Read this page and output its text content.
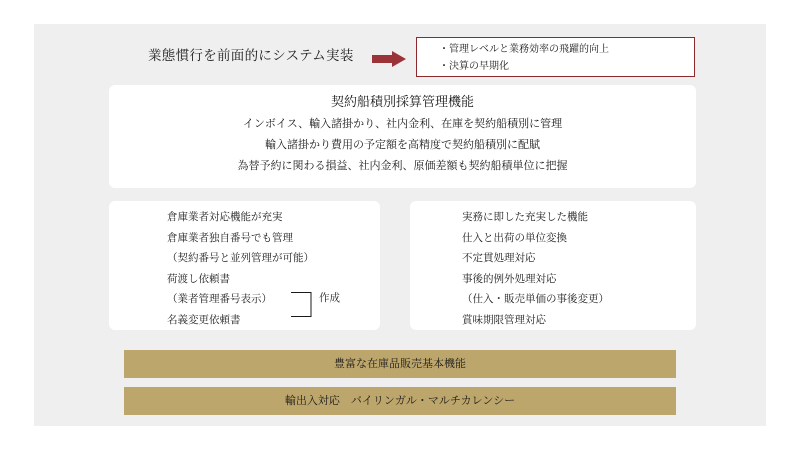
業態慣行を前面的にシステム実装	・管理レベルと業務効率の飛躍的向上
・決算の早期化
契約船積別採算管理機能
インボイス、輸入諸掛かり、社内金利、在庫を契約船積別に管理
輸入諸掛かり費用の予定額を高精度で契約船積別に配賦
為替予約に関わる損益、社内金利、原価差額も契約船積単位に把握
倉庫業者対応機能が充実
倉庫業者独自番号でも管理
（契約番号と並列管理が可能）
荷渡し依頼書
（業者管理番号表示）
名義変更依頼書
作成
実務に即した充実した機能
仕入と出荷の単位変換
不定貫処理対応
事後的例外処理対応
（仕入・販売単価の事後変更）
賞味期限管理対応
豊富な在庫品販売基本機能
輸出入対応　バイリンガル・マルチカレンシー
